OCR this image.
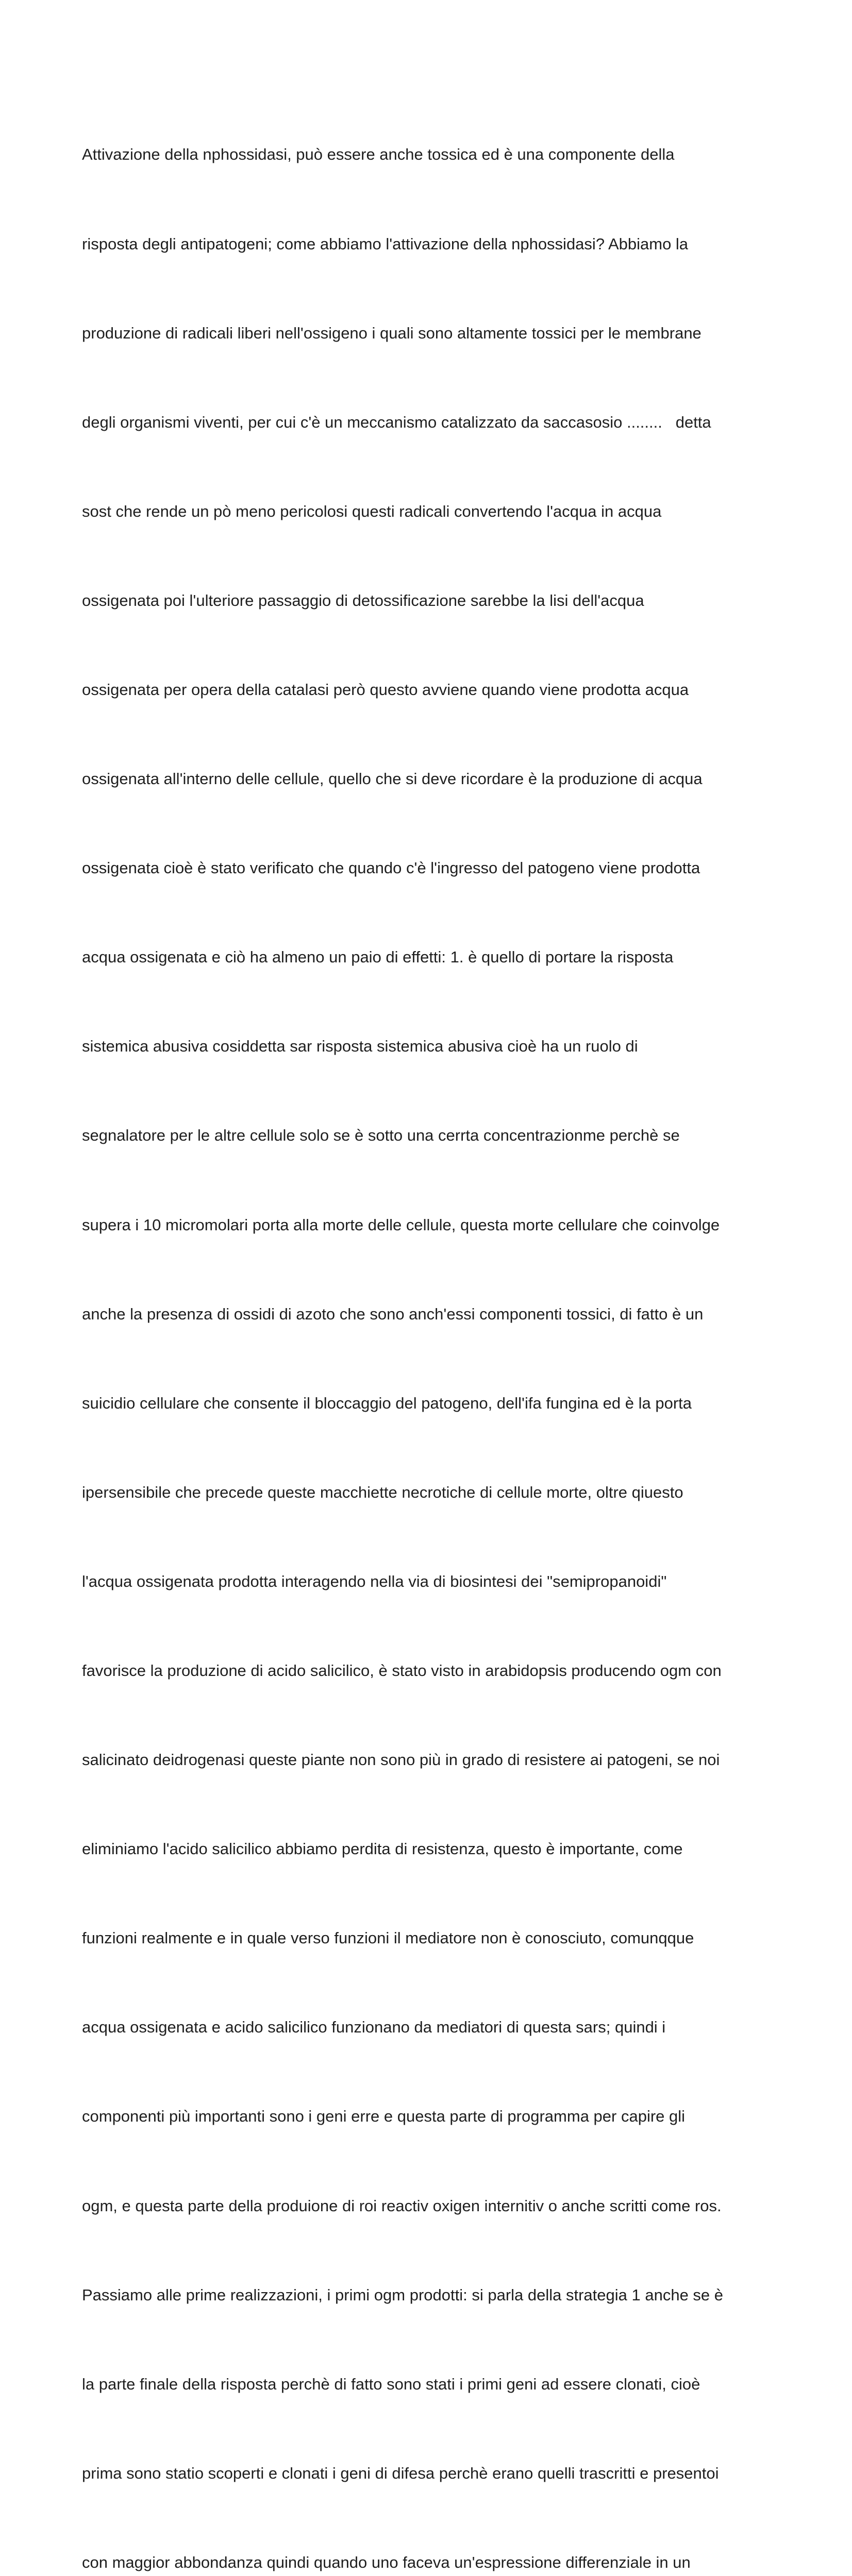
Attivazione della nphossidasi, può essere anche tossica ed è una componente della

risposta degli antipatogeni; come abbiamo l'attivazione della nphossidasi? Abbiamo la

produzione di radicali liberi nell'ossigeno i quali sono altamente tossici per le membrane

degli organismi viventi, per cui c'è un meccanismo catalizzato da saccasosio ........   detta

sost che rende un pò meno pericolosi questi radicali convertendo l'acqua in acqua

ossigenata poi l'ulteriore passaggio di detossificazione sarebbe la lisi dell'acqua

ossigenata per opera della catalasi però questo avviene quando viene prodotta acqua

ossigenata all'interno delle cellule, quello che si deve ricordare è la produzione di acqua

ossigenata cioè è stato verificato che quando c'è l'ingresso del patogeno viene prodotta

acqua ossigenata e ciò ha almeno un paio di effetti: 1. è quello di portare la risposta

sistemica abusiva cosiddetta sar risposta sistemica abusiva cioè ha un ruolo di

segnalatore per le altre cellule solo se è sotto una cerrta concentrazionme perchè se

supera i 10 micromolari porta alla morte delle cellule, questa morte cellulare che coinvolge

anche la presenza di ossidi di azoto che sono anch'essi componenti tossici, di fatto è un

suicidio cellulare che consente il bloccaggio del patogeno, dell'ifa fungina ed è la porta

ipersensibile che precede queste macchiette necrotiche di cellule morte, oltre qiuesto

l'acqua ossigenata prodotta interagendo nella via di biosintesi dei "semipropanoidi"

favorisce la produzione di acido salicilico, è stato visto in arabidopsis producendo ogm con

salicinato deidrogenasi queste piante non sono più in grado di resistere ai patogeni, se noi

eliminiamo l'acido salicilico abbiamo perdita di resistenza, questo è importante, come

funzioni realmente e in quale verso funzioni il mediatore non è conosciuto, comunqque

acqua ossigenata e acido salicilico funzionano da mediatori di questa sars; quindi i

componenti più importanti sono i geni erre e questa parte di programma per capire gli

ogm, e questa parte della produione di roi reactiv oxigen internitiv o anche scritti come ros.

Passiamo alle prime realizzazioni, i primi ogm prodotti: si parla della strategia 1 anche se è

la parte finale della risposta perchè di fatto sono stati i primi geni ad essere clonati, cioè

prima sono statio scoperti e clonati i geni di difesa perchè erano quelli trascritti e presentoi

con maggior abbondanza quindi quando uno faceva un'espressione differenziale in un
